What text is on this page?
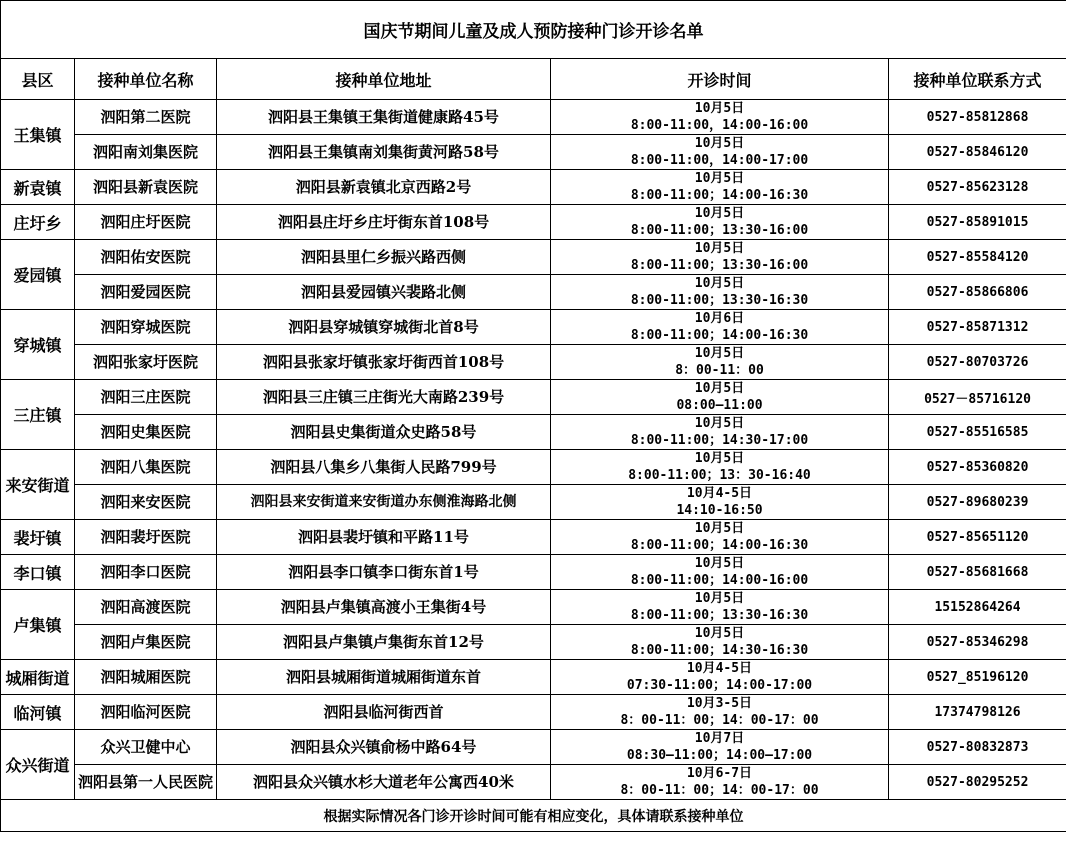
国庆节期间儿童及成人预防接种门诊开诊名单				
县区	接种单位名称	接种单位地址	开诊时间	接种单位联系方式
王集镇	泗阳第二医院	泗阳县王集镇王集街道健康路45号	10月5日
8:00-11:00，14:00-16:00	0527-85812868
	泗阳南刘集医院	泗阳县王集镇南刘集街黄河路58号	10月5日
8:00-11:00，14:00-17:00	0527-85846120
新袁镇	泗阳县新袁医院	泗阳县新袁镇北京西路2号	10月5日
8:00-11:00；14:00-16:30	0527-85623128
庄圩乡	泗阳庄圩医院	泗阳县庄圩乡庄圩街东首108号	10月5日
8:00-11:00；13:30-16:00	0527-85891015
爱园镇	泗阳佑安医院	泗阳县里仁乡振兴路西侧	10月5日
8:00-11:00；13:30-16:00	0527-85584120
	泗阳爱园医院	泗阳县爱园镇兴裴路北侧	10月5日
8:00-11:00；13:30-16:30	0527-85866806
穿城镇	泗阳穿城医院	泗阳县穿城镇穿城街北首8号	10月6日
8:00-11:00；14:00-16:30	0527-85871312
	泗阳张家圩医院	泗阳县张家圩镇张家圩街西首108号	10月5日
8：00-11：00	0527-80703726
三庄镇	泗阳三庄医院	泗阳县三庄镇三庄街光大南路239号	10月5日
08:00—11:00	0527－85716120
	泗阳史集医院	泗阳县史集街道众史路58号	10月5日
8:00-11:00；14:30-17:00	0527-85516585
来安街道	泗阳八集医院	泗阳县八集乡八集街人民路799号	10月5日
8:00-11:00；13：30-16:40	0527-85360820
	泗阳来安医院	泗阳县来安街道来安街道办东侧淮海路北侧	10月4-5日
14:10-16:50	0527-89680239
裴圩镇	泗阳裴圩医院	泗阳县裴圩镇和平路11号	10月5日
8:00-11:00；14:00-16:30	0527-85651120
李口镇	泗阳李口医院	泗阳县李口镇李口街东首1号	10月5日
8:00-11:00；14:00-16:00	0527-85681668
卢集镇	泗阳高渡医院	泗阳县卢集镇高渡小王集街4号	10月5日
8:00-11:00；13:30-16:30	15152864264
	泗阳卢集医院	泗阳县卢集镇卢集街东首12号	10月5日
8:00-11:00；14:30-16:30	0527-85346298
城厢街道	泗阳城厢医院	泗阳县城厢街道城厢街道东首	10月4-5日
07:30-11:00；14:00-17:00	0527_85196120
临河镇	泗阳临河医院	泗阳县临河街西首	10月3-5日
8：00-11：00；14：00-17：00	17374798126
众兴街道	众兴卫健中心	泗阳县众兴镇俞杨中路64号	10月7日
08:30—11:00；14:00—17:00	0527-80832873
	泗阳县第一人民医院	泗阳县众兴镇水杉大道老年公寓西40米	10月6-7日
8：00-11：00；14：00-17：00	0527-80295252
根据实际情况各门诊开诊时间可能有相应变化，具体请联系接种单位				
